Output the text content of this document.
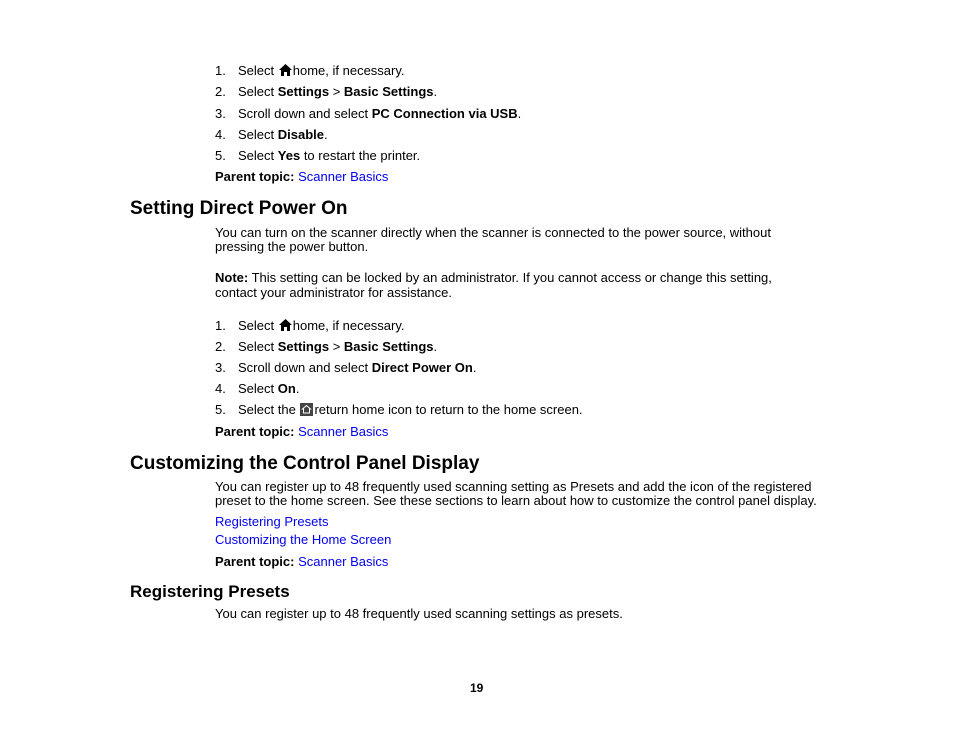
1. Select home, if necessary.
2. Select Settings > Basic Settings.
3. Scroll down and select PC Connection via USB.
4. Select Disable.
5. Select Yes to restart the printer.
Parent topic: Scanner Basics
Setting Direct Power On
You can turn on the scanner directly when the scanner is connected to the power source, without
pressing the power button.
Note: This setting can be locked by an administrator. If you cannot access or change this setting,
contact your administrator for assistance.
1. Select home, if necessary.
2. Select Settings > Basic Settings.
3. Scroll down and select Direct Power On.
4. Select On.
5. Select the return home icon to return to the home screen.
Parent topic: Scanner Basics
Customizing the Control Panel Display
You can register up to 48 frequently used scanning setting as Presets and add the icon of the registered
preset to the home screen. See these sections to learn about how to customize the control panel display.
Registering Presets
Customizing the Home Screen
Parent topic: Scanner Basics
Registering Presets
You can register up to 48 frequently used scanning settings as presets.
19
